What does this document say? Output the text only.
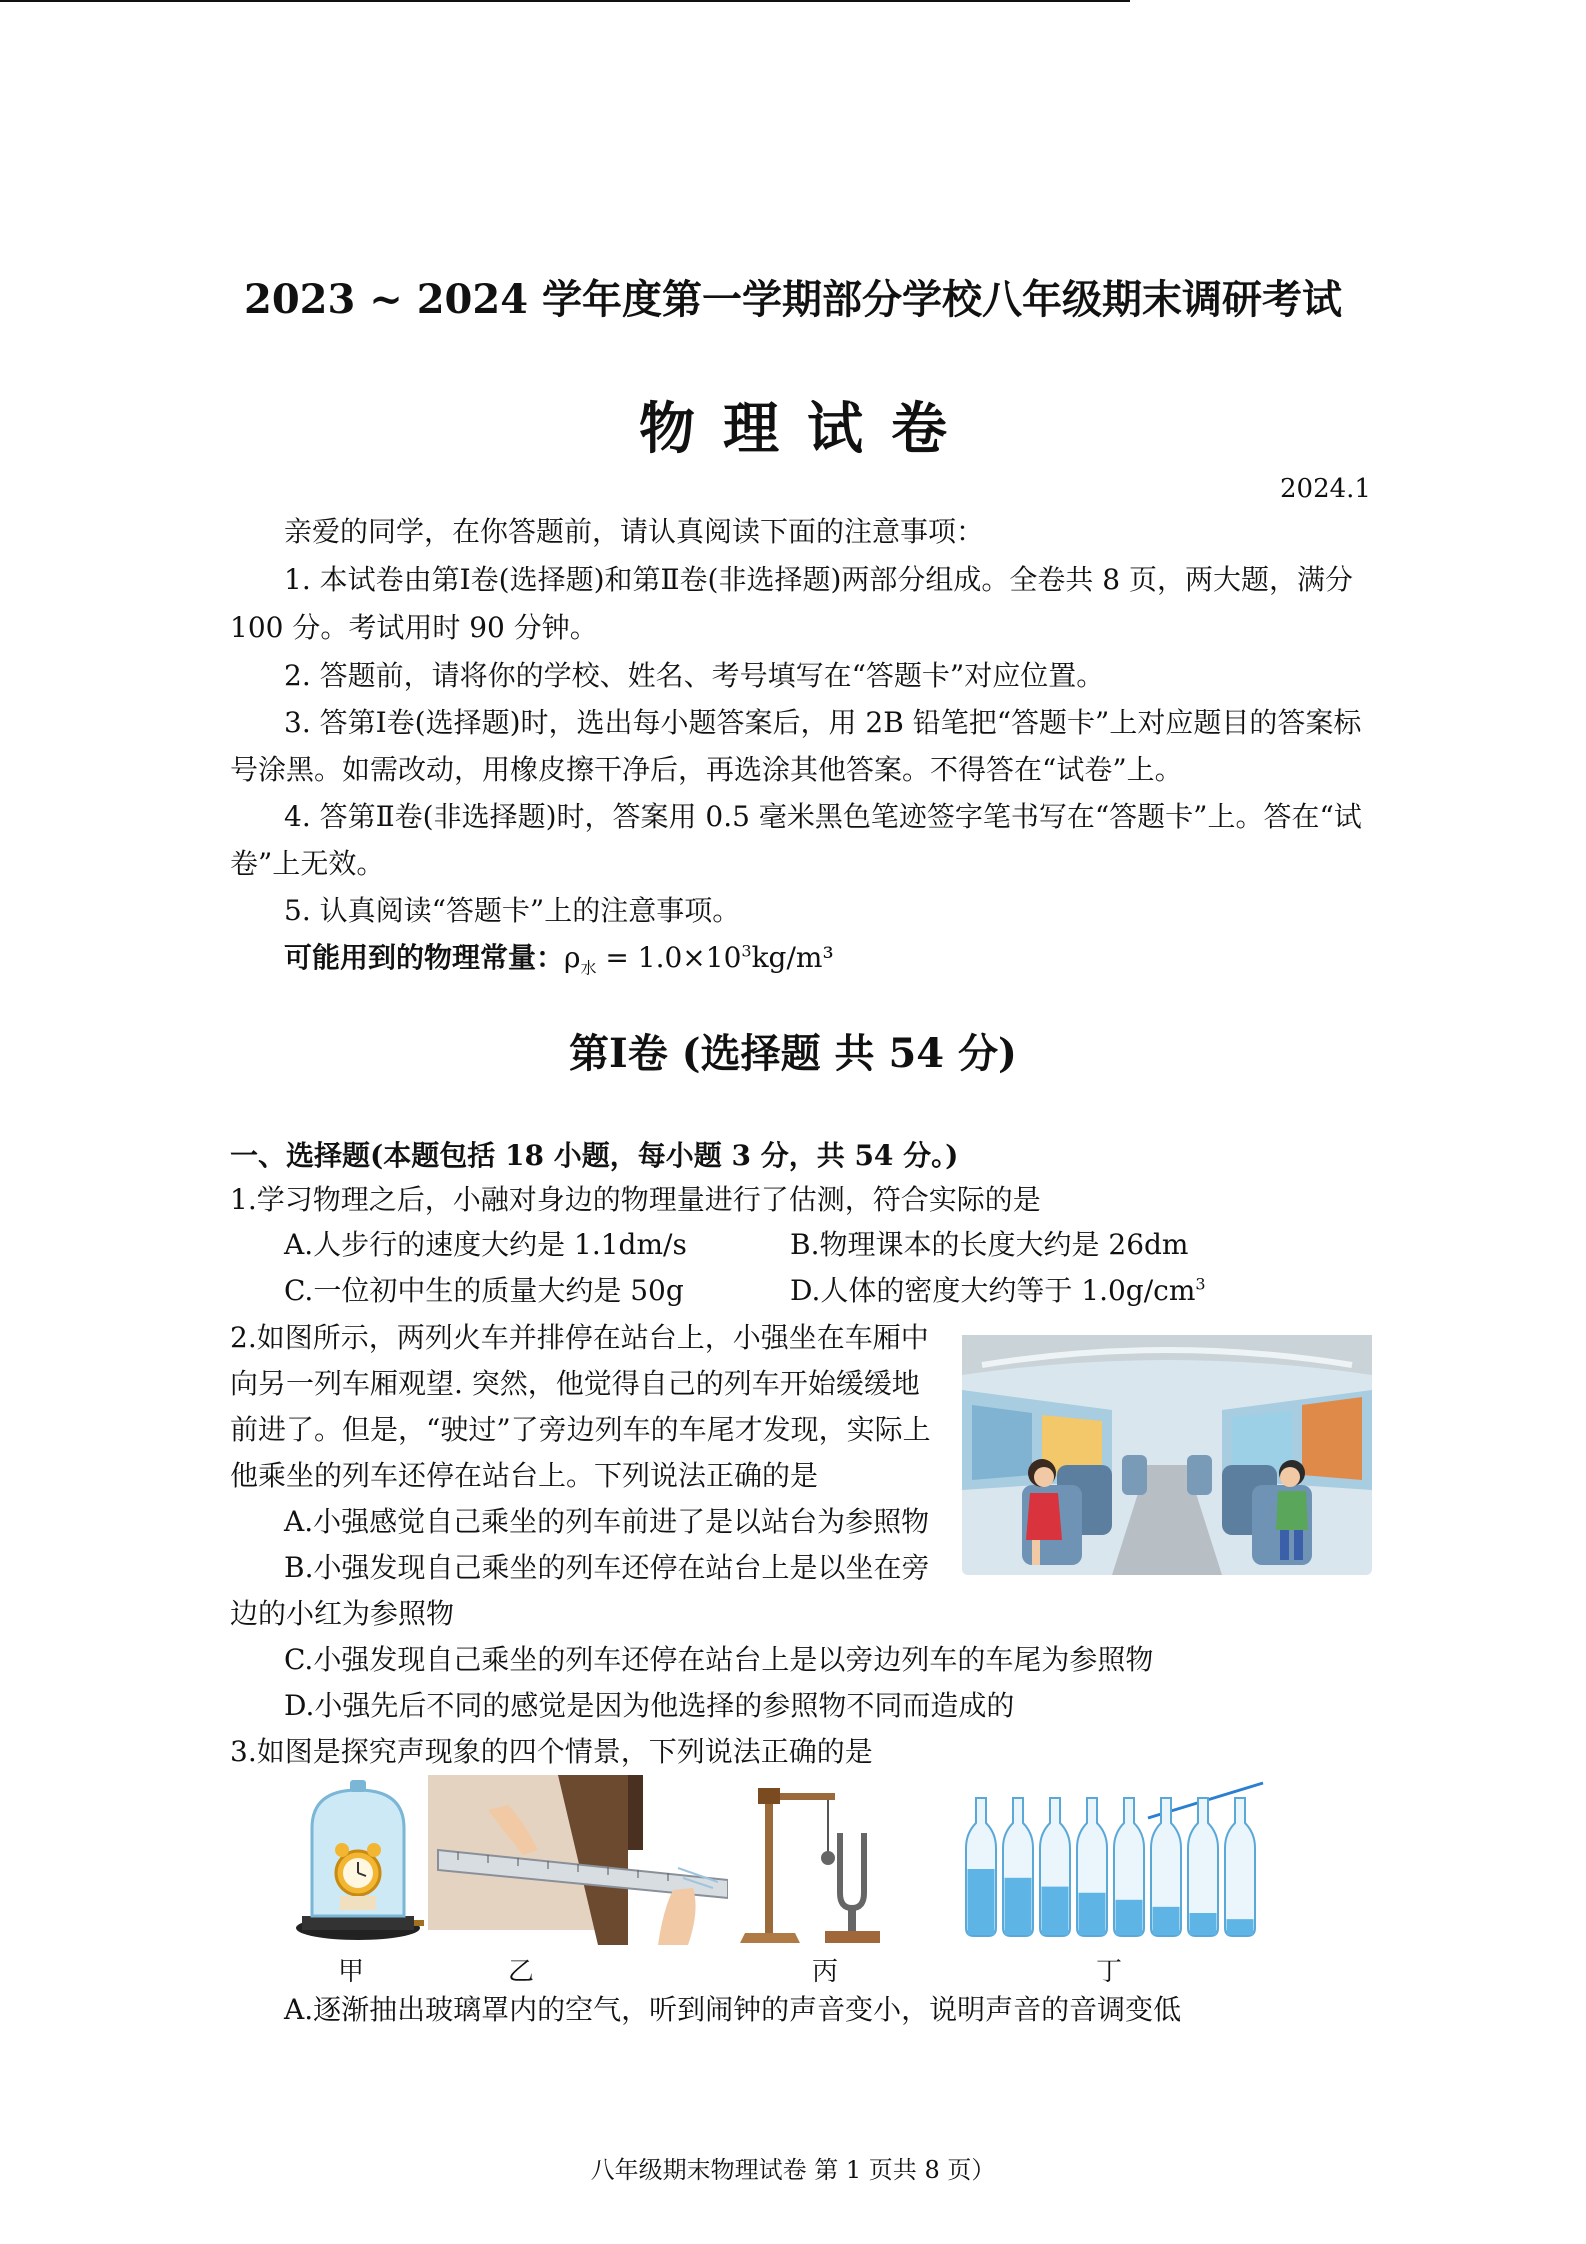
2023 ~ 2024 学年度第一学期部分学校八年级期末调研考试
物理试卷
2024.1
亲爱的同学，在你答题前，请认真阅读下面的注意事项：
1. 本试卷由第Ⅰ卷(选择题)和第Ⅱ卷(非选择题)两部分组成。全卷共 8 页，两大题，满分
100 分。考试用时 90 分钟。
2. 答题前，请将你的学校、姓名、考号填写在“答题卡”对应位置。
3. 答第Ⅰ卷(选择题)时，选出每小题答案后，用 2B 铅笔把“答题卡”上对应题目的答案标
号涂黑。如需改动，用橡皮擦干净后，再选涂其他答案。不得答在“试卷”上。
4. 答第Ⅱ卷(非选择题)时，答案用 0.5 毫米黑色笔迹签字笔书写在“答题卡”上。答在“试
卷”上无效。
5. 认真阅读“答题卡”上的注意事项。
可能用到的物理常量：$\rho_水 = 1.0\times 10^3kg/m^3$
第Ⅰ卷 (选择题 共 54 分)
一、选择题(本题包括 18 小题，每小题 3 分，共 54 分。)
1.学习物理之后，小融对身边的物理量进行了估测，符合实际的是
A.人步行的速度大约是 1.1dm/s	B.物理课本的长度大约是 26dm
C.一位初中生的质量大约是 50g	D.人体的密度大约等于 $1.0g/cm^3$
2.如图所示，两列火车并排停在站台上，小强坐在车厢中
向另一列车厢观望. 突然，他觉得自己的列车开始缓缓地
前进了。但是，“驶过”了旁边列车的车尾才发现，实际上
他乘坐的列车还停在站台上。下列说法正确的是
A.小强感觉自己乘坐的列车前进了是以站台为参照物
B.小强发现自己乘坐的列车还停在站台上是以坐在旁
边的小红为参照物
C.小强发现自己乘坐的列车还停在站台上是以旁边列车的车尾为参照物
D.小强先后不同的感觉是因为他选择的参照物不同而造成的
3.如图是探究声现象的四个情景，下列说法正确的是
甲	乙	丙	丁
A.逐渐抽出玻璃罩内的空气，听到闹钟的声音变小，说明声音的音调变低
八年级期末物理试卷 第 1 页共 8 页）
